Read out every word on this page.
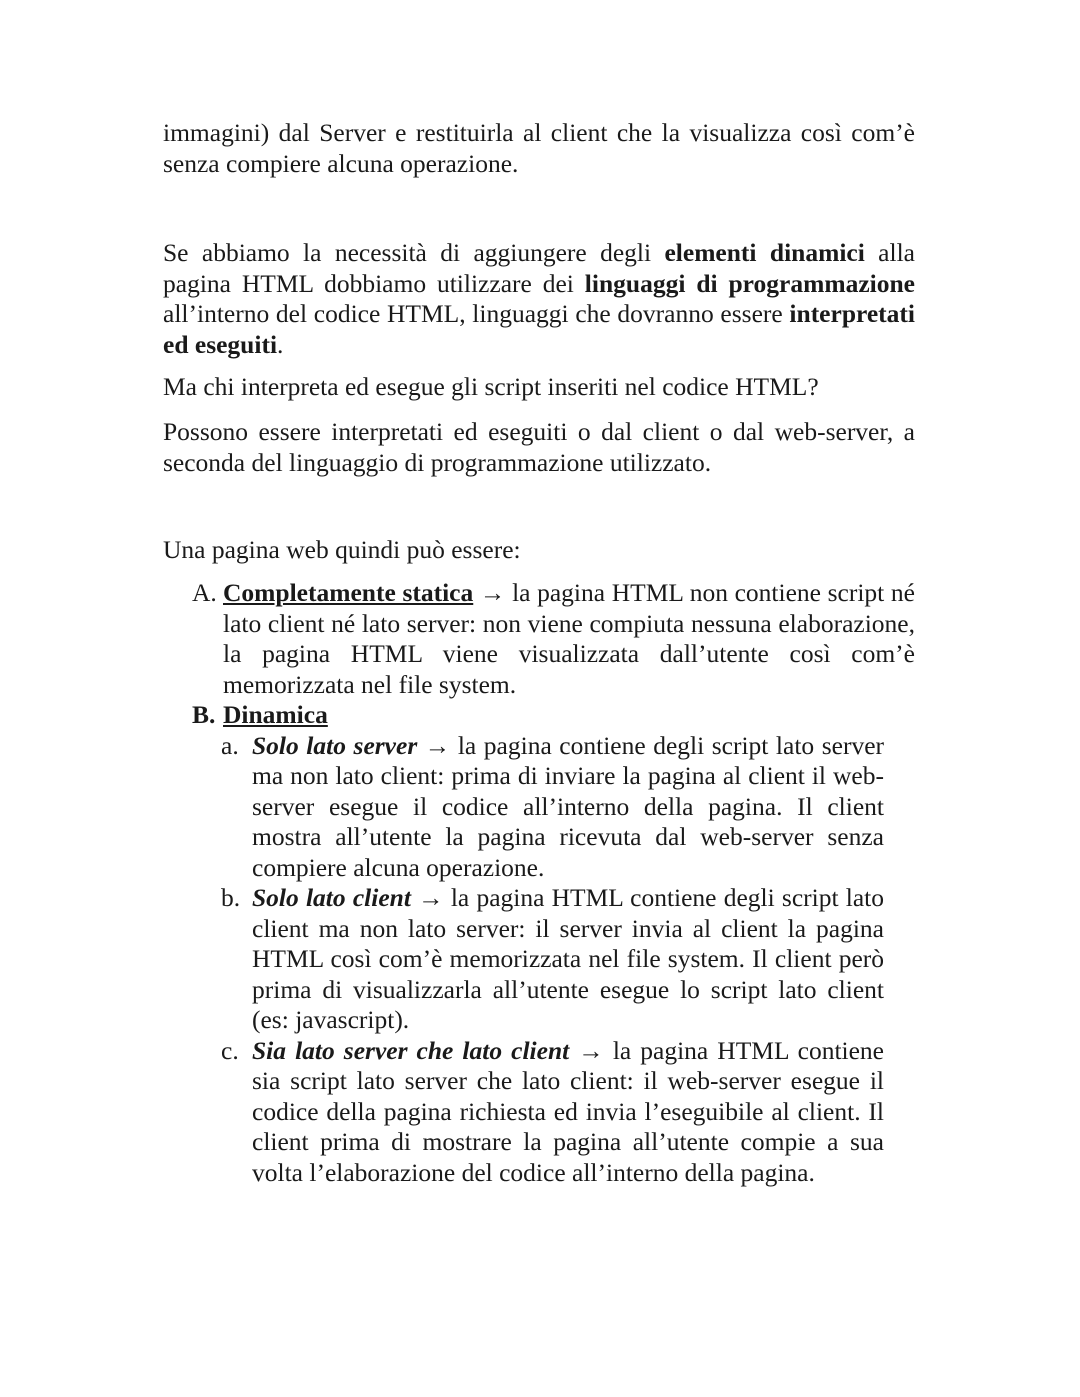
immagini) dal Server e restituirla al client che la visualizza così com’è senza compiere alcuna operazione.

Se abbiamo la necessità di aggiungere degli elementi dinamici alla pagina HTML dobbiamo utilizzare dei linguaggi di programmazione all’interno del codice HTML, linguaggi che dovranno essere interpretati ed eseguiti.

Ma chi interpreta ed esegue gli script inseriti nel codice HTML?

Possono essere interpretati ed eseguiti o dal client o dal web-server, a seconda del linguaggio di programmazione utilizzato.

Una pagina web quindi può essere:

A. Completamente statica → la pagina HTML non contiene script né lato client né lato server: non viene compiuta nessuna elaborazione, la pagina HTML viene visualizzata dall’utente così com’è memorizzata nel file system.
B. Dinamica
a. Solo lato server → la pagina contiene degli script lato server ma non lato client: prima di inviare la pagina al client il web-server esegue il codice all’interno della pagina. Il client mostra all’utente la pagina ricevuta dal web-server senza compiere alcuna operazione.
b. Solo lato client → la pagina HTML contiene degli script lato client ma non lato server: il server invia al client la pagina HTML così com’è memorizzata nel file system. Il client però prima di visualizzarla all’utente esegue lo script lato client (es: javascript).
c. Sia lato server che lato client → la pagina HTML contiene sia script lato server che lato client: il web-server esegue il codice della pagina richiesta ed invia l’eseguibile al client. Il client prima di mostrare la pagina all’utente compie a sua volta l’elaborazione del codice all’interno della pagina.
